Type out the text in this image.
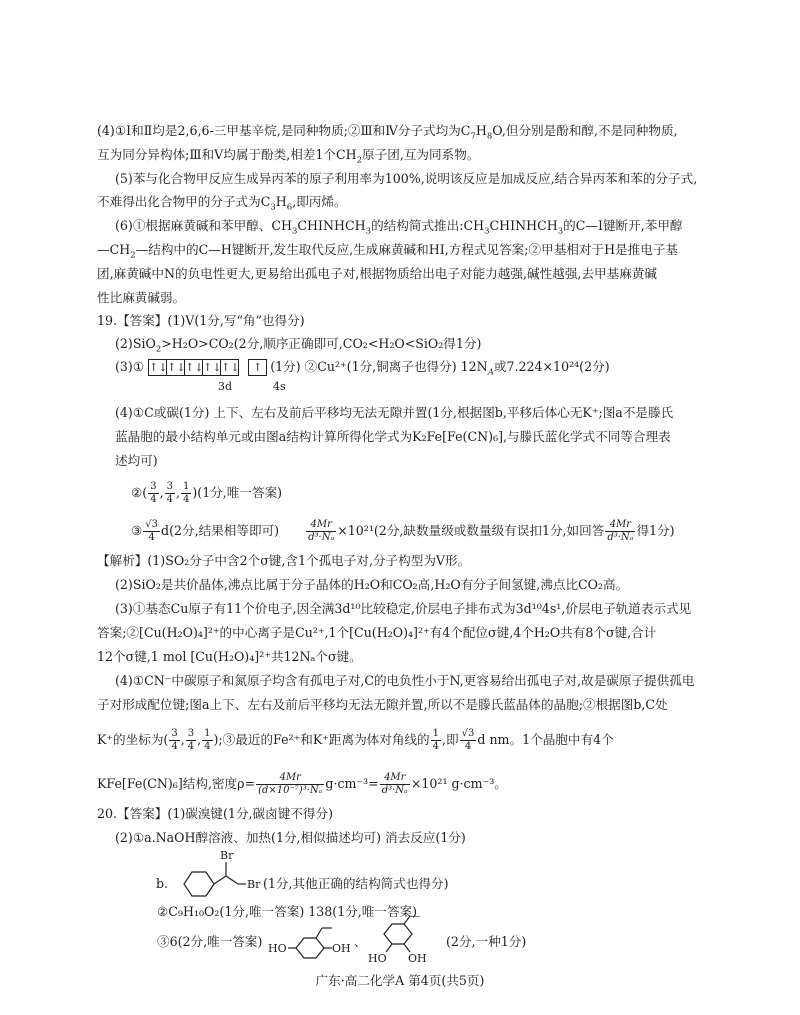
(4)①Ⅰ和Ⅱ均是2,6,6-三甲基辛烷,是同种物质;②Ⅲ和Ⅳ分子式均为$C_7H_8O$,但分别是酚和醇,不是同种物质,
互为同分异构体;Ⅲ和Ⅴ均属于酚类,相差1个$CH_2$原子团,互为同系物。
(5)苯与化合物甲反应生成异丙苯的原子利用率为100%,说明该反应是加成反应,结合异丙苯和苯的分子式,
不难得出化合物甲的分子式为$C_3H_6$,即丙烯。
(6)①根据麻黄碱和苯甲醇、$CH_3CHINHCH_3$的结构简式推出$:CH_3CHINHCH_3$的C—I键断开,苯甲醇
$—CH_2—$结构中的C—H键断开,发生取代反应,生成麻黄碱和HI,方程式见答案;②甲基相对于H是推电子基
团,麻黄碱中N的负电性更大,更易给出孤电子对,根据物质给出电子对能力越强,碱性越强,去甲基麻黄碱
性比麻黄碱弱。
19.【答案】(1)V(1分,写“角”也得分)
(2)SiO$_2$>H₂O>CO₂(2分,顺序正确即可,CO₂<H₂O<SiO₂得1分)
(3)① ↑↓↑↓↑↓↑↓↑↓ ↑ (1分) ②Cu²⁺(1分,铜离子也得分) $12N_A$或7.224×10²⁴(2分)
3d	4s
(4)①C或碳(1分) 上下、左右及前后平移均无法无隙并置(1分,根据图b,平移后体心无K⁺;图a不是滕氏
蓝晶胞的最小结构单元或由图a结构计算所得化学式为K₂Fe[Fe(CN)₆],与滕氏蓝化学式不同等合理表
述均可)
②( $\frac{3}{4}$ , $\frac{3}{4}$ , $\frac{1}{4} )(1$分,唯一答案)
③ $\frac{√3}{4} d(2$分,结果相等即可)	$\frac{4Mr}{\text{d³·Nₐ}} \times 10^{21}(2$分,缺数量级或数量级有误扣1分,如回答 $\frac{4Mr}{\text{d³·Nₐ}}$ 得1分)
【解析】(1)SO₂分子中含2个σ键,含1个孤电子对,分子构型为V形。
(2)SiO₂是共价晶体,沸点比属于分子晶体的H₂O和CO₂高,H₂O有分子间氢键,沸点比CO₂高。
(3)①基态Cu原子有11个价电子,因全满3d¹⁰比较稳定,价层电子排布式为3d¹⁰4s¹,价层电子轨道表示式见
答案;②[Cu(H₂O)₄]²⁺的中心离子是Cu²⁺,1个[Cu(H₂O)₄]²⁺有4个配位σ键,4个H₂O共有8个σ键,合计
12个σ键,1 mol [Cu(H₂O)₄]²⁺共12Nₐ个σ键。
(4)①CN⁻中碳原子和氮原子均含有孤电子对,C的电负性小于N,更容易给出孤电子对,故是碳原子提供孤电
子对形成配位键;图a上下、左右及前后平移均无法无隙并置,所以不是滕氏蓝晶体的晶胞;②根据图b,C处
K⁺的坐标为( $\frac{3}{4}$ , $\frac{3}{4}$ , $\frac{1}{4}$ );③最近的Fe²⁺和K⁺距离为体对角线的 $\frac{1}{4}$ ,即 $\frac{√3}{4}$ d nm。1个晶胞中有4个
KFe[Fe(CN)₆]结构,密度$\rho= \frac{4Mr}{\text{(d×10⁻⁷)³·Nₐ}} g\cdot cm^{-3}= \frac{4Mr}{\text{d³·Nₐ}} \times 10^{21}$ g·cm⁻³。
20.【答案】(1)碳溴键(1分,碳卤键不得分)
(2)①a.NaOH醇溶液、加热(1分,相似描述均可) 消去反应(1分)
b.
Br
Br (1分,其他正确的结构简式也得分)
广东·高二化学A 第4页(共5页)
②C₉H₁₀O₂(1分,唯一答案) 138(1分,唯一答案)
③6(2分,唯一答案) HO	OH 、
HO OH
(2分,一种1分)
